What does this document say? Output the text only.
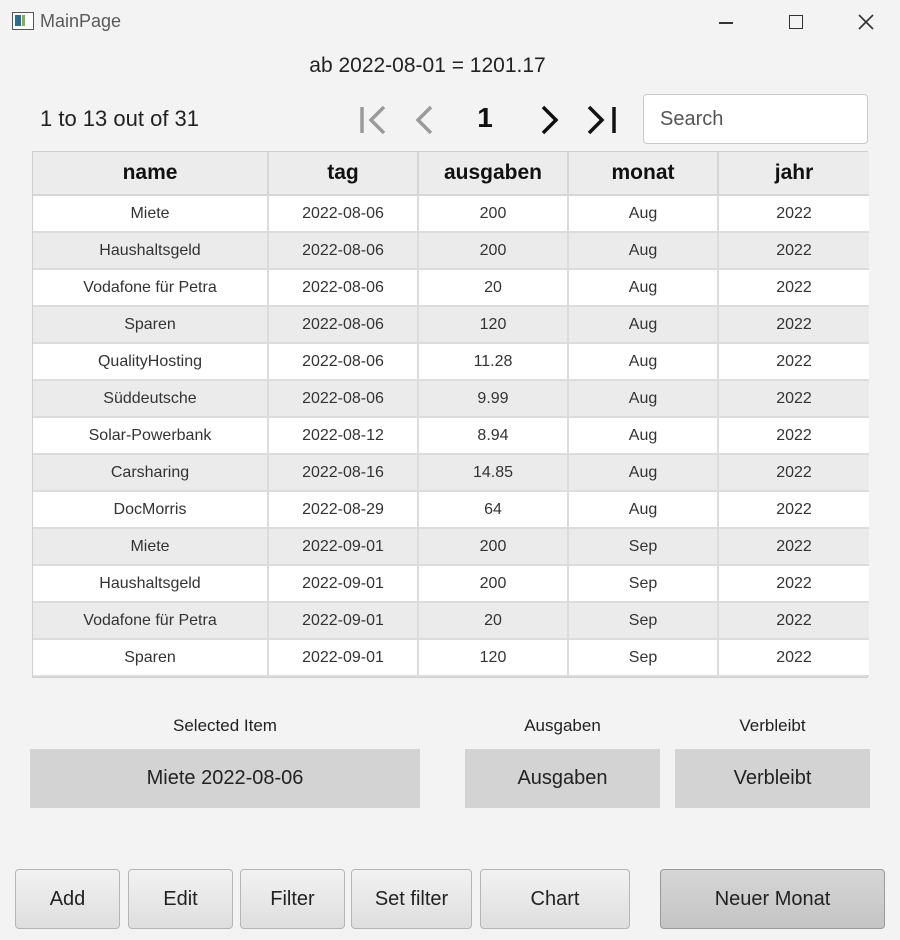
MainPage
ab 2022-08-01 = 1201.17
1 to 13 out of 31	1
Search
name	tag	ausgaben	monat	jahr
Miete	2022-08-06	200	Aug	2022
Haushaltsgeld	2022-08-06	200	Aug	2022
Vodafone für Petra	2022-08-06	20	Aug	2022
Sparen	2022-08-06	120	Aug	2022
QualityHosting	2022-08-06	11.28	Aug	2022
Süddeutsche	2022-08-06	9.99	Aug	2022
Solar-Powerbank	2022-08-12	8.94	Aug	2022
Carsharing	2022-08-16	14.85	Aug	2022
DocMorris	2022-08-29	64	Aug	2022
Miete	2022-09-01	200	Sep	2022
Haushaltsgeld	2022-09-01	200	Sep	2022
Vodafone für Petra	2022-09-01	20	Sep	2022
Sparen	2022-09-01	120	Sep	2022
Selected Item
Miete 2022-08-06
Ausgaben
Ausgaben
Verbleibt
Verbleibt
Add	Edit	Filter	Set filter	Chart	Neuer Monat
